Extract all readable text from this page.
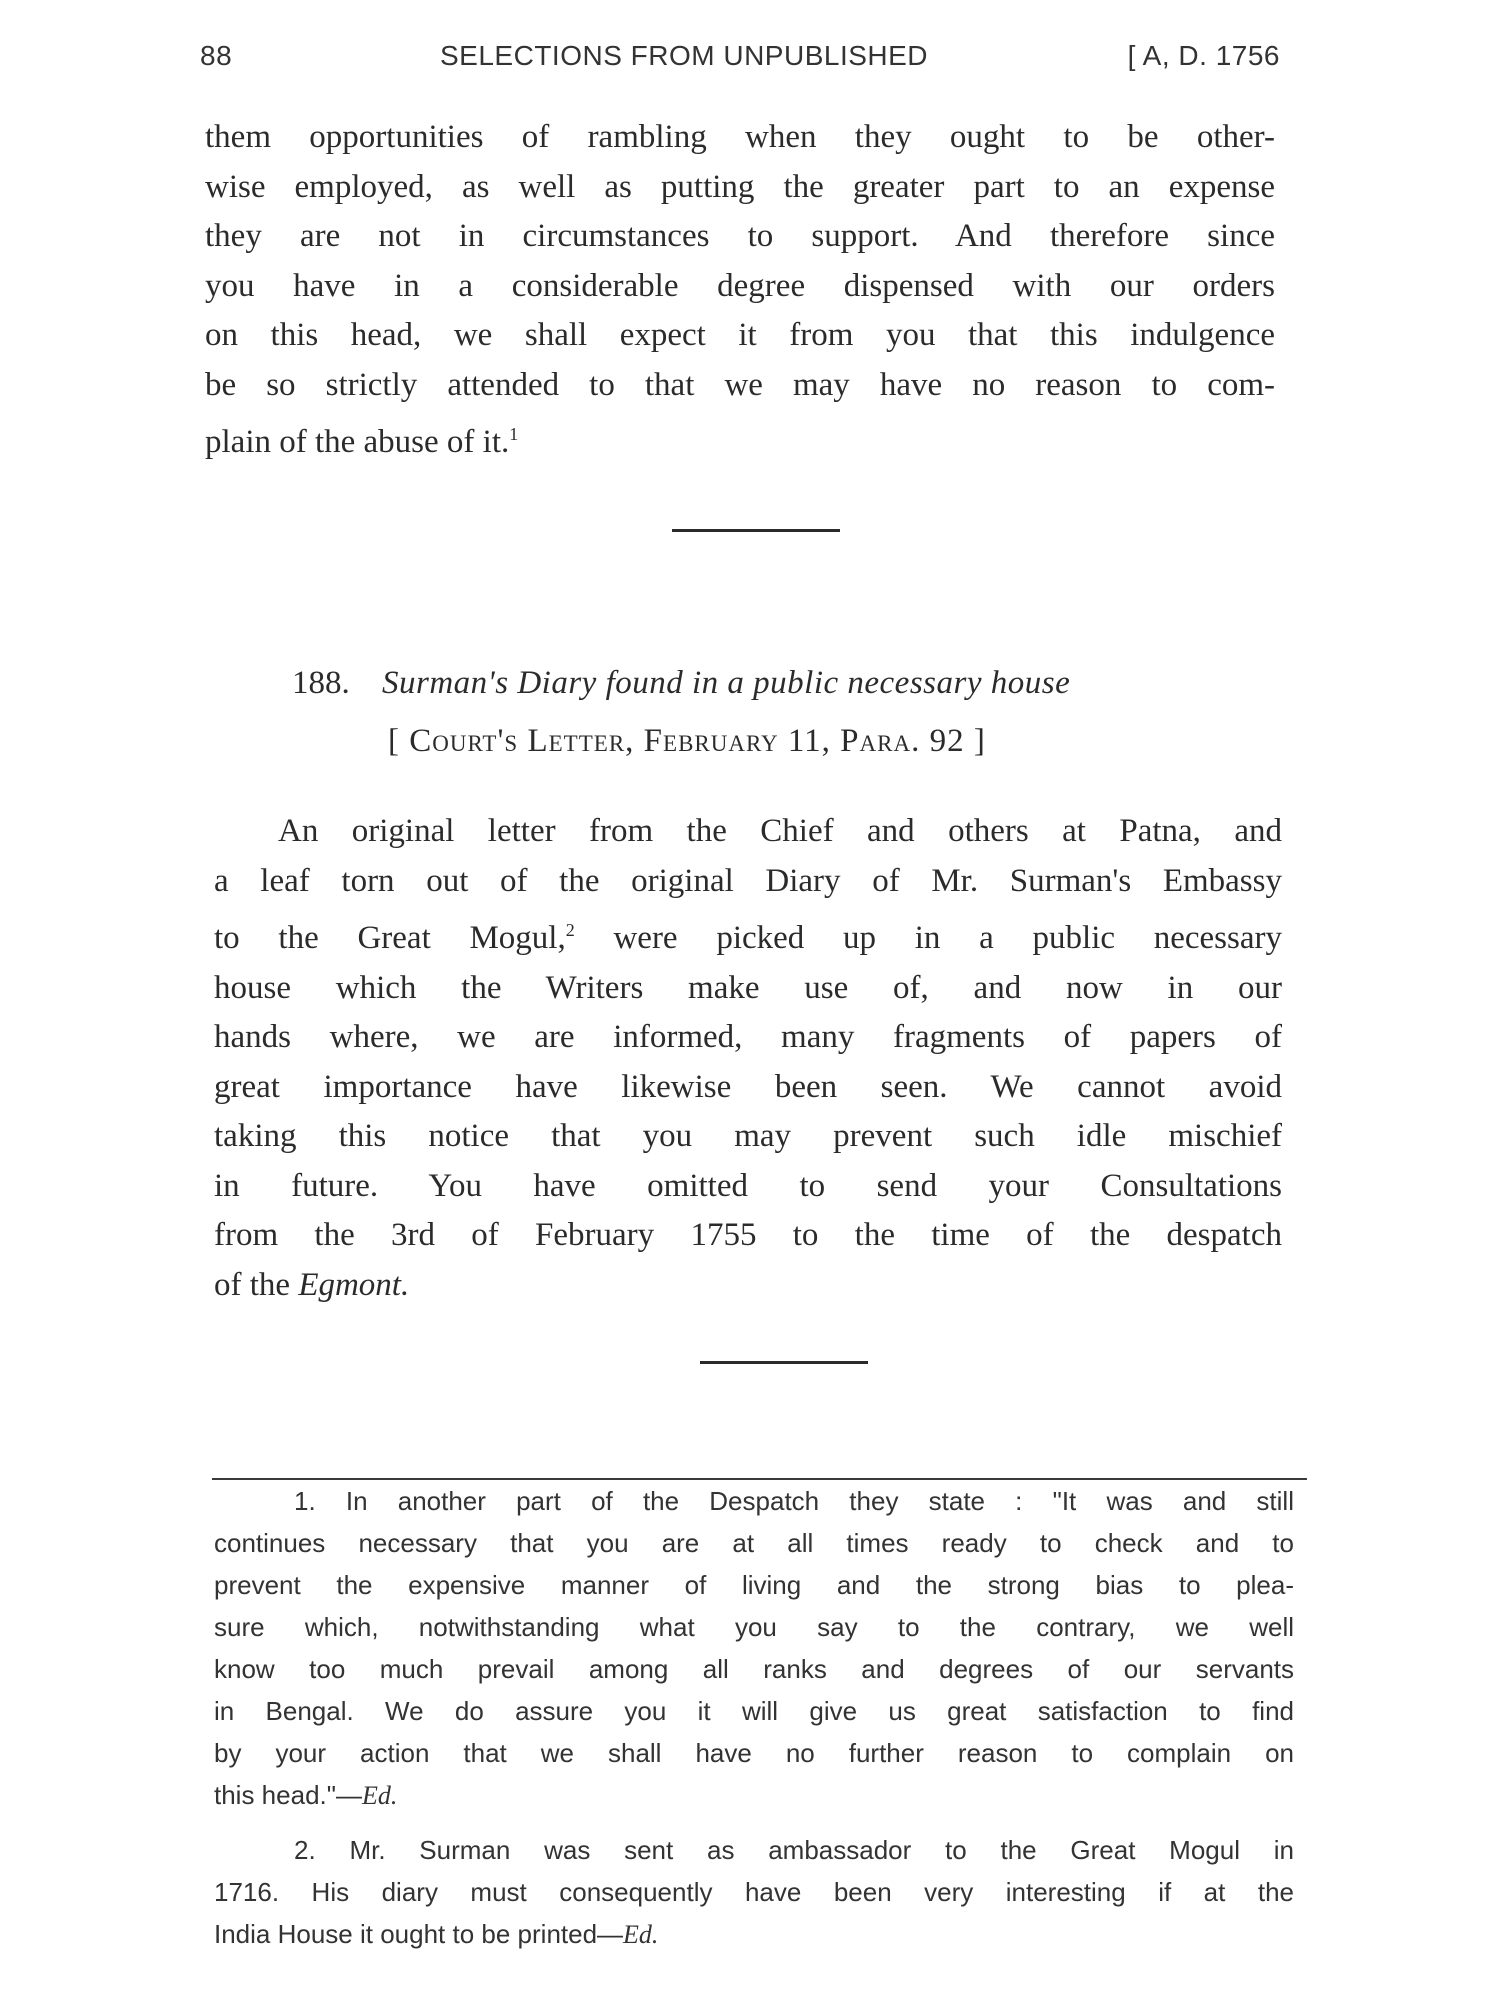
88	SELECTIONS FROM UNPUBLISHED	[ A, D. 1756
them opportunities of rambling when they ought to be other-
wise employed, as well as putting the greater part to an expense
they are not in circumstances to support. And therefore since
you have in a considerable degree dispensed with our orders
on this head, we shall expect it from you that this indulgence
be so strictly attended to that we may have no reason to com-
plain of the abuse of it.$^1$
188. Surman's Diary found in a public necessary house
[ Court's Letter, February 11, Para. 92 ]
An original letter from the Chief and others at Patna, and
a leaf torn out of the original Diary of Mr. Surman's Embassy
to the Great Mogul,$^2$ were picked up in a public necessary
house which the Writers make use of, and now in our
hands where, we are informed, many fragments of papers of
great importance have likewise been seen. We cannot avoid
taking this notice that you may prevent such idle mischief
in future. You have omitted to send your Consultations
from the 3rd of February 1755 to the time of the despatch
of the Egmont.
1. In another part of the Despatch they state : "It was and still
continues necessary that you are at all times ready to check and to
prevent the expensive manner of living and the strong bias to plea-
sure which, notwithstanding what you say to the contrary, we well
know too much prevail among all ranks and degrees of our servants
in Bengal. We do assure you it will give us great satisfaction to find
by your action that we shall have no further reason to complain on
this head."—Ed.
2. Mr. Surman was sent as ambassador to the Great Mogul in
1716. His diary must consequently have been very interesting if at the
India House it ought to be printed—Ed.
